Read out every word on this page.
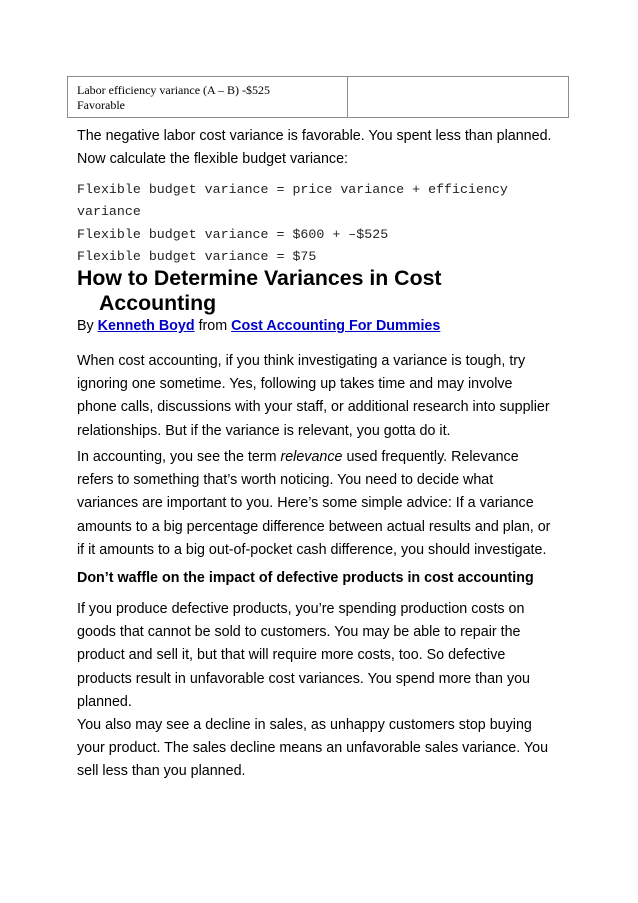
Labor efficiency variance (A – B) -$525
Favorable

The negative labor cost variance is favorable. You spent less than planned.
Now calculate the flexible budget variance:

Flexible budget variance = price variance + efficiency
variance
Flexible budget variance = $600 + –$525
Flexible budget variance = $75
How to Determine Variances in Cost
Accounting

By Kenneth Boyd from Cost Accounting For Dummies

When cost accounting, if you think investigating a variance is tough, try
ignoring one sometime. Yes, following up takes time and may involve
phone calls, discussions with your staff, or additional research into supplier
relationships. But if the variance is relevant, you gotta do it.

In accounting, you see the term relevance used frequently. Relevance
refers to something that’s worth noticing. You need to decide what
variances are important to you. Here’s some simple advice: If a variance
amounts to a big percentage difference between actual results and plan, or
if it amounts to a big out-of-pocket cash difference, you should investigate.

Don’t waffle on the impact of defective products in cost accounting

If you produce defective products, you’re spending production costs on
goods that cannot be sold to customers. You may be able to repair the
product and sell it, but that will require more costs, too. So defective
products result in unfavorable cost variances. You spend more than you
planned.

You also may see a decline in sales, as unhappy customers stop buying
your product. The sales decline means an unfavorable sales variance. You
sell less than you planned.
